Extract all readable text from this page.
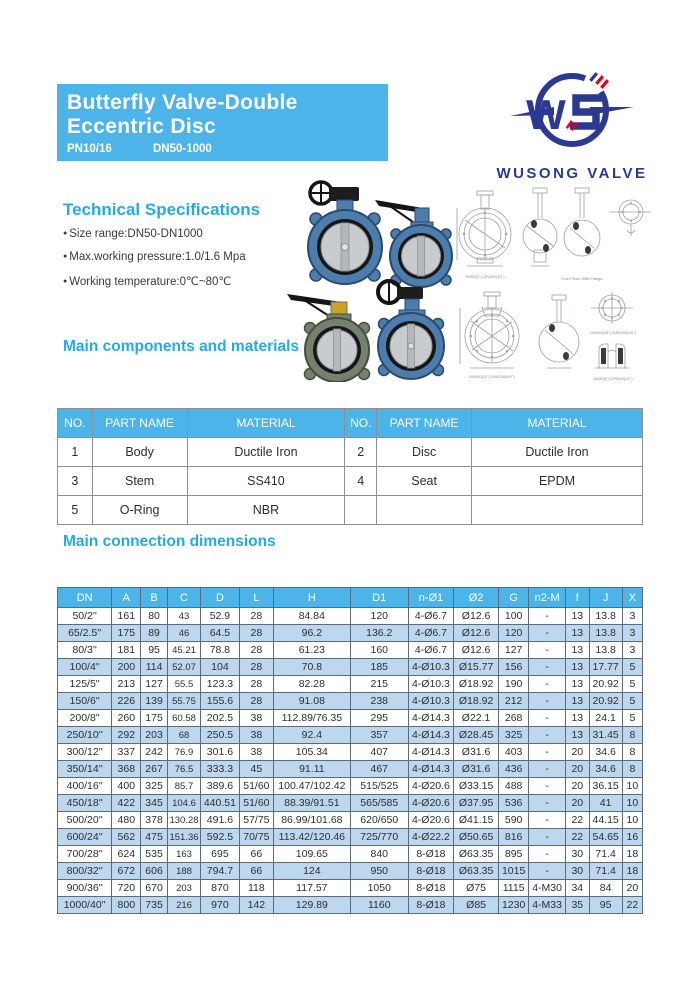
Butterfly Valve-Double
Eccentric Disc
PN10/16	DN50-1000
W
WUSONG VALVE
Technical Specifications
● Size range:DN50-DN1000
● Max.working pressure:1.0/1.6 Mpa
● Working temperature:0℃~80℃	DN50(2'')-DN250(10'')	One Piece With Flange
DN300(12'')-DN1000(40'')
DN400(16'')-DN1000(40'')
DN50(2'')-DN300(12'')
Main components and materials
NO.	PART NAME	MATERIAL	NO.	PART NAME	MATERIAL
1	Body	Ductile Iron	2	Disc	Ductile Iron
3	Stem	SS410	4	Seat	EPDM
5	O-Ring	NBR			
Main connection dimensions
DN	A	B	C	D	L	H	D1	n-Ø1	Ø2	G	n2-M	f	J	X
50/2''	161	80	43	52.9	28	84.84	120	4-Ø6.7	Ø12.6	100	-	13	13.8	3
65/2.5''	175	89	46	64.5	28	96.2	136.2	4-Ø6.7	Ø12.6	120	-	13	13.8	3
80/3''	181	95	45.21	78.8	28	61.23	160	4-Ø6.7	Ø12.6	127	-	13	13.8	3
100/4''	200	114	52.07	104	28	70.8	185	4-Ø10.3	Ø15.77	156	-	13	17.77	5
125/5''	213	127	55.5	123.3	28	82.28	215	4-Ø10.3	Ø18.92	190	-	13	20.92	5
150/6''	226	139	55.75	155.6	28	91.08	238	4-Ø10.3	Ø18.92	212	-	13	20.92	5
200/8''	260	175	60.58	202.5	38	112.89/76.35	295	4-Ø14.3	Ø22.1	268	-	13	24.1	5
250/10''	292	203	68	250.5	38	92.4	357	4-Ø14.3	Ø28.45	325	-	13	31.45	8
300/12''	337	242	76.9	301.6	38	105.34	407	4-Ø14.3	Ø31.6	403	-	20	34.6	8
350/14''	368	267	76.5	333.3	45	91.11	467	4-Ø14.3	Ø31.6	436	-	20	34.6	8
400/16''	400	325	85.7	389.6	51/60	100.47/102.42	515/525	4-Ø20.6	Ø33.15	488	-	20	36.15	10
450/18''	422	345	104.6	440.51	51/60	88.39/91.51	565/585	4-Ø20.6	Ø37.95	536	-	20	41	10
500/20''	480	378	130.28	491.6	57/75	86.99/101.68	620/650	4-Ø20.6	Ø41.15	590	-	22	44.15	10
600/24''	562	475	151.36	592.5	70/75	113.42/120.46	725/770	4-Ø22.2	Ø50.65	816	-	22	54.65	16
700/28''	624	535	163	695	66	109.65	840	8-Ø18	Ø63.35	895	-	30	71.4	18
800/32''	672	606	188	794.7	66	124	950	8-Ø18	Ø63.35	1015	-	30	71.4	18
900/36''	720	670	203	870	118	117.57	1050	8-Ø18	Ø75	1115	4-M30	34	84	20
1000/40''	800	735	216	970	142	129.89	1160	8-Ø18	Ø85	1230	4-M33	35	95	22
